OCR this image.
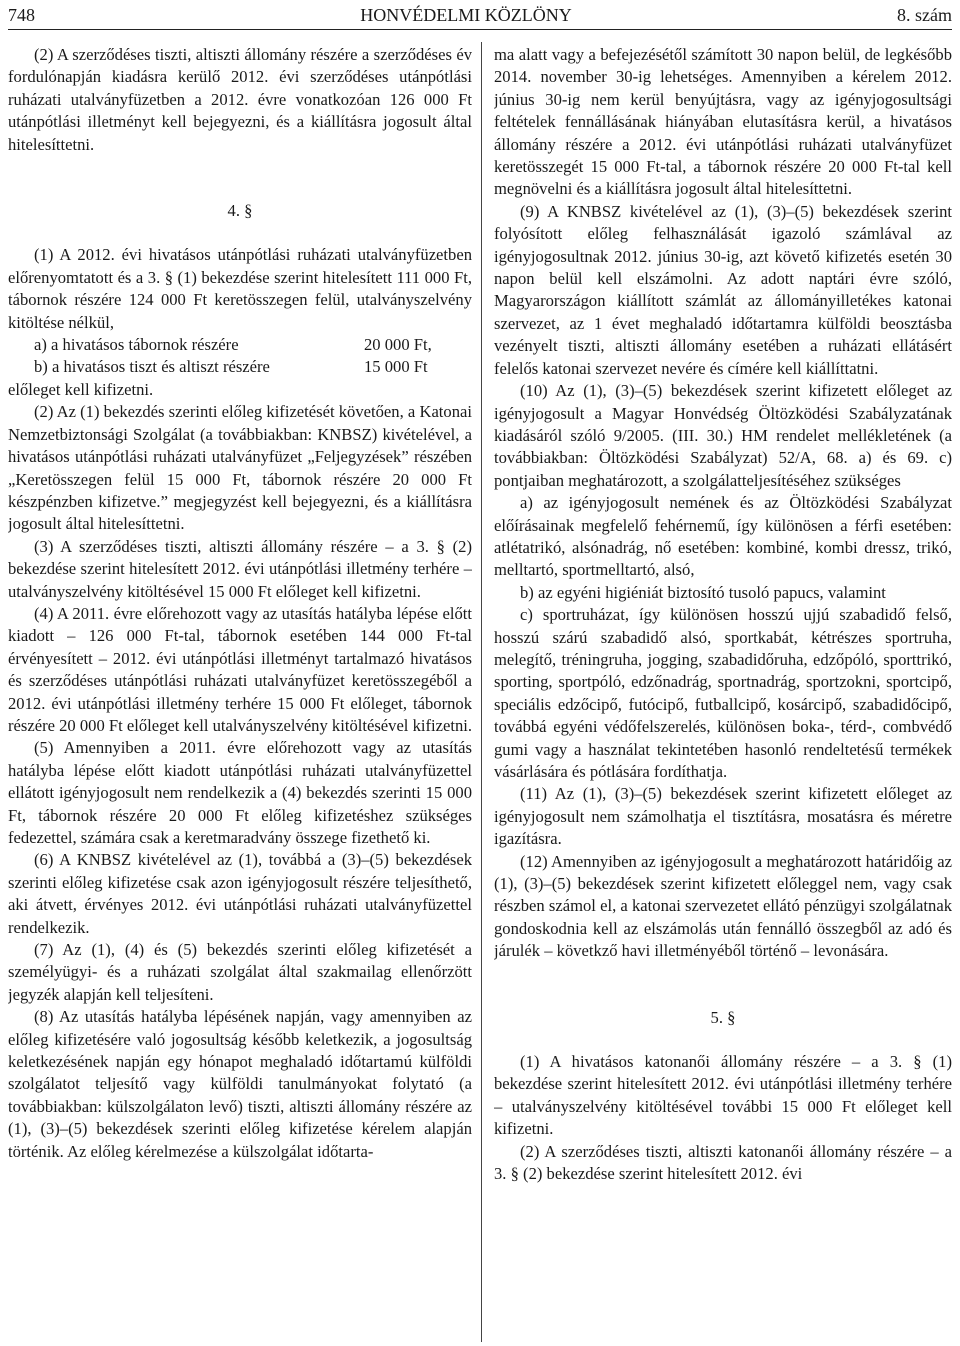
748	HONVÉDELMI KÖZLÖNY	8. szám

(2) A szerződéses tiszti, altiszti állomány részére a szerződéses év fordulónapján kiadásra kerülő 2012. évi szerződéses utánpótlási ruházati utalványfüzetben a 2012. évre vonatkozóan 126 000 Ft utánpótlási illetményt kell bejegyezni, és a kiállításra jogosult által hitelesíttetni.

4. §

(1) A 2012. évi hivatásos utánpótlási ruházati utalványfüzetben előrenyomtatott és a 3. § (1) bekezdése szerint hitelesített 111 000 Ft, tábornok részére 124 000 Ft keretösszegen felül, utalványszelvény kitöltése nélkül,

a) a hivatásos tábornok részére	20 000 Ft,
b) a hivatásos tiszt és altiszt részére	15 000 Ft

előleget kell kifizetni.

(2) Az (1) bekezdés szerinti előleg kifizetését követően, a Katonai Nemzetbiztonsági Szolgálat (a továbbiakban: KNBSZ) kivételével, a hivatásos utánpótlási ruházati utalványfüzet „Feljegyzések” részében „Keretösszegen felül 15 000 Ft, tábornok részére 20 000 Ft készpénzben kifizetve.” megjegyzést kell bejegyezni, és a kiállításra jogosult által hitelesíttetni.

(3) A szerződéses tiszti, altiszti állomány részére – a 3. § (2) bekezdése szerint hitelesített 2012. évi utánpótlási illetmény terhére – utalványszelvény kitöltésével 15 000 Ft előleget kell kifizetni.

(4) A 2011. évre előrehozott vagy az utasítás hatályba lépése előtt kiadott – 126 000 Ft-tal, tábornok esetében 144 000 Ft-tal érvényesített – 2012. évi utánpótlási illetményt tartalmazó hivatásos és szerződéses utánpótlási ruházati utalványfüzet keretösszegéből a 2012. évi utánpótlási illetmény terhére 15 000 Ft előleget, tábornok részére 20 000 Ft előleget kell utalványszelvény kitöltésével kifizetni.

(5) Amennyiben a 2011. évre előrehozott vagy az utasítás hatályba lépése előtt kiadott utánpótlási ruházati utalványfüzettel ellátott igényjogosult nem rendelkezik a (4) bekezdés szerinti 15 000 Ft, tábornok részére 20 000 Ft előleg kifizetéshez szükséges fedezettel, számára csak a keretmaradvány összege fizethető ki.

(6) A KNBSZ kivételével az (1), továbbá a (3)–(5) bekezdések szerinti előleg kifizetése csak azon igényjogosult részére teljesíthető, aki átvett, érvényes 2012. évi utánpótlási ruházati utalványfüzettel rendelkezik.

(7) Az (1), (4) és (5) bekezdés szerinti előleg kifizetését a személyügyi- és a ruházati szolgálat által szakmailag ellenőrzött jegyzék alapján kell teljesíteni.

(8) Az utasítás hatályba lépésének napján, vagy amennyiben az előleg kifizetésére való jogosultság később keletkezik, a jogosultság keletkezésének napján egy hónapot meghaladó időtartamú külföldi szolgálatot teljesítő vagy külföldi tanulmányokat folytató (a továbbiakban: külszolgálaton levő) tiszti, altiszti állomány részére az (1), (3)–(5) bekezdések szerinti előleg kifizetése kérelem alapján történik. Az előleg kérelmezése a külszolgálat időtarta-

ma alatt vagy a befejezésétől számított 30 napon belül, de legkésőbb 2014. november 30-ig lehetséges. Amennyiben a kérelem 2012. június 30-ig nem kerül benyújtásra, vagy az igényjogosultsági feltételek fennállásának hiányában elutasításra kerül, a hivatásos állomány részére a 2012. évi utánpótlási ruházati utalványfüzet keretösszegét 15 000 Ft-tal, a tábornok részére 20 000 Ft-tal kell megnövelni és a kiállításra jogosult által hitelesíttetni.

(9) A KNBSZ kivételével az (1), (3)–(5) bekezdések szerint folyósított előleg felhasználását igazoló számlával az igényjogosultnak 2012. június 30-ig, azt követő kifizetés esetén 30 napon belül kell elszámolni. Az adott naptári évre szóló, Magyarországon kiállított számlát az állományilletékes katonai szervezet, az 1 évet meghaladó időtartamra külföldi beosztásba vezényelt tiszti, altiszti állomány esetében a ruházati ellátásért felelős katonai szervezet nevére és címére kell kiállíttatni.

(10) Az (1), (3)–(5) bekezdések szerint kifizetett előleget az igényjogosult a Magyar Honvédség Öltözködési Szabályzatának kiadásáról szóló 9/2005. (III. 30.) HM rendelet mellékletének (a továbbiakban: Öltözködési Szabályzat) 52/A, 68. a) és 69. c) pontjaiban meghatározott, a szolgálatteljesítéséhez szükséges

a) az igényjogosult nemének és az Öltözködési Szabályzat előírásainak megfelelő fehérnemű, így különösen a férfi esetében: atlétatrikó, alsónadrág, nő esetében: kombiné, kombi dressz, trikó, melltartó, sportmelltartó, alsó,

b) az egyéni higiéniát biztosító tusoló papucs, valamint

c) sportruházat, így különösen hosszú ujjú szabadidő felső, hosszú szárú szabadidő alsó, sportkabát, kétrészes sportruha, melegítő, tréningruha, jogging, szabadidőruha, edzőpóló, sporttrikó, sporting, sportpóló, edzőnadrág, sportnadrág, sportzokni, sportcipő, speciális edzőcipő, futócipő, futballcipő, kosárcipő, szabadidőcipő, továbbá egyéni védőfelszerelés, különösen boka-, térd-, combvédő gumi vagy a használat tekintetében hasonló rendeltetésű termékek vásárlására és pótlására fordíthatja.

(11) Az (1), (3)–(5) bekezdések szerint kifizetett előleget az igényjogosult nem számolhatja el tisztításra, mosatásra és méretre igazításra.

(12) Amennyiben az igényjogosult a meghatározott határidőig az (1), (3)–(5) bekezdések szerint kifizetett előleggel nem, vagy csak részben számol el, a katonai szervezetet ellátó pénzügyi szolgálatnak gondoskodnia kell az elszámolás után fennálló összegből az adó és járulék – követkző havi illetményéből történő – levonására.

5. §

(1) A hivatásos katonanői állomány részére – a 3. § (1) bekezdése szerint hitelesített 2012. évi utánpótlási illetmény terhére – utalványszelvény kitöltésével további 15 000 Ft előleget kell kifizetni.

(2) A szerződéses tiszti, altiszti katonanői állomány részére – a 3. § (2) bekezdése szerint hitelesített 2012. évi
